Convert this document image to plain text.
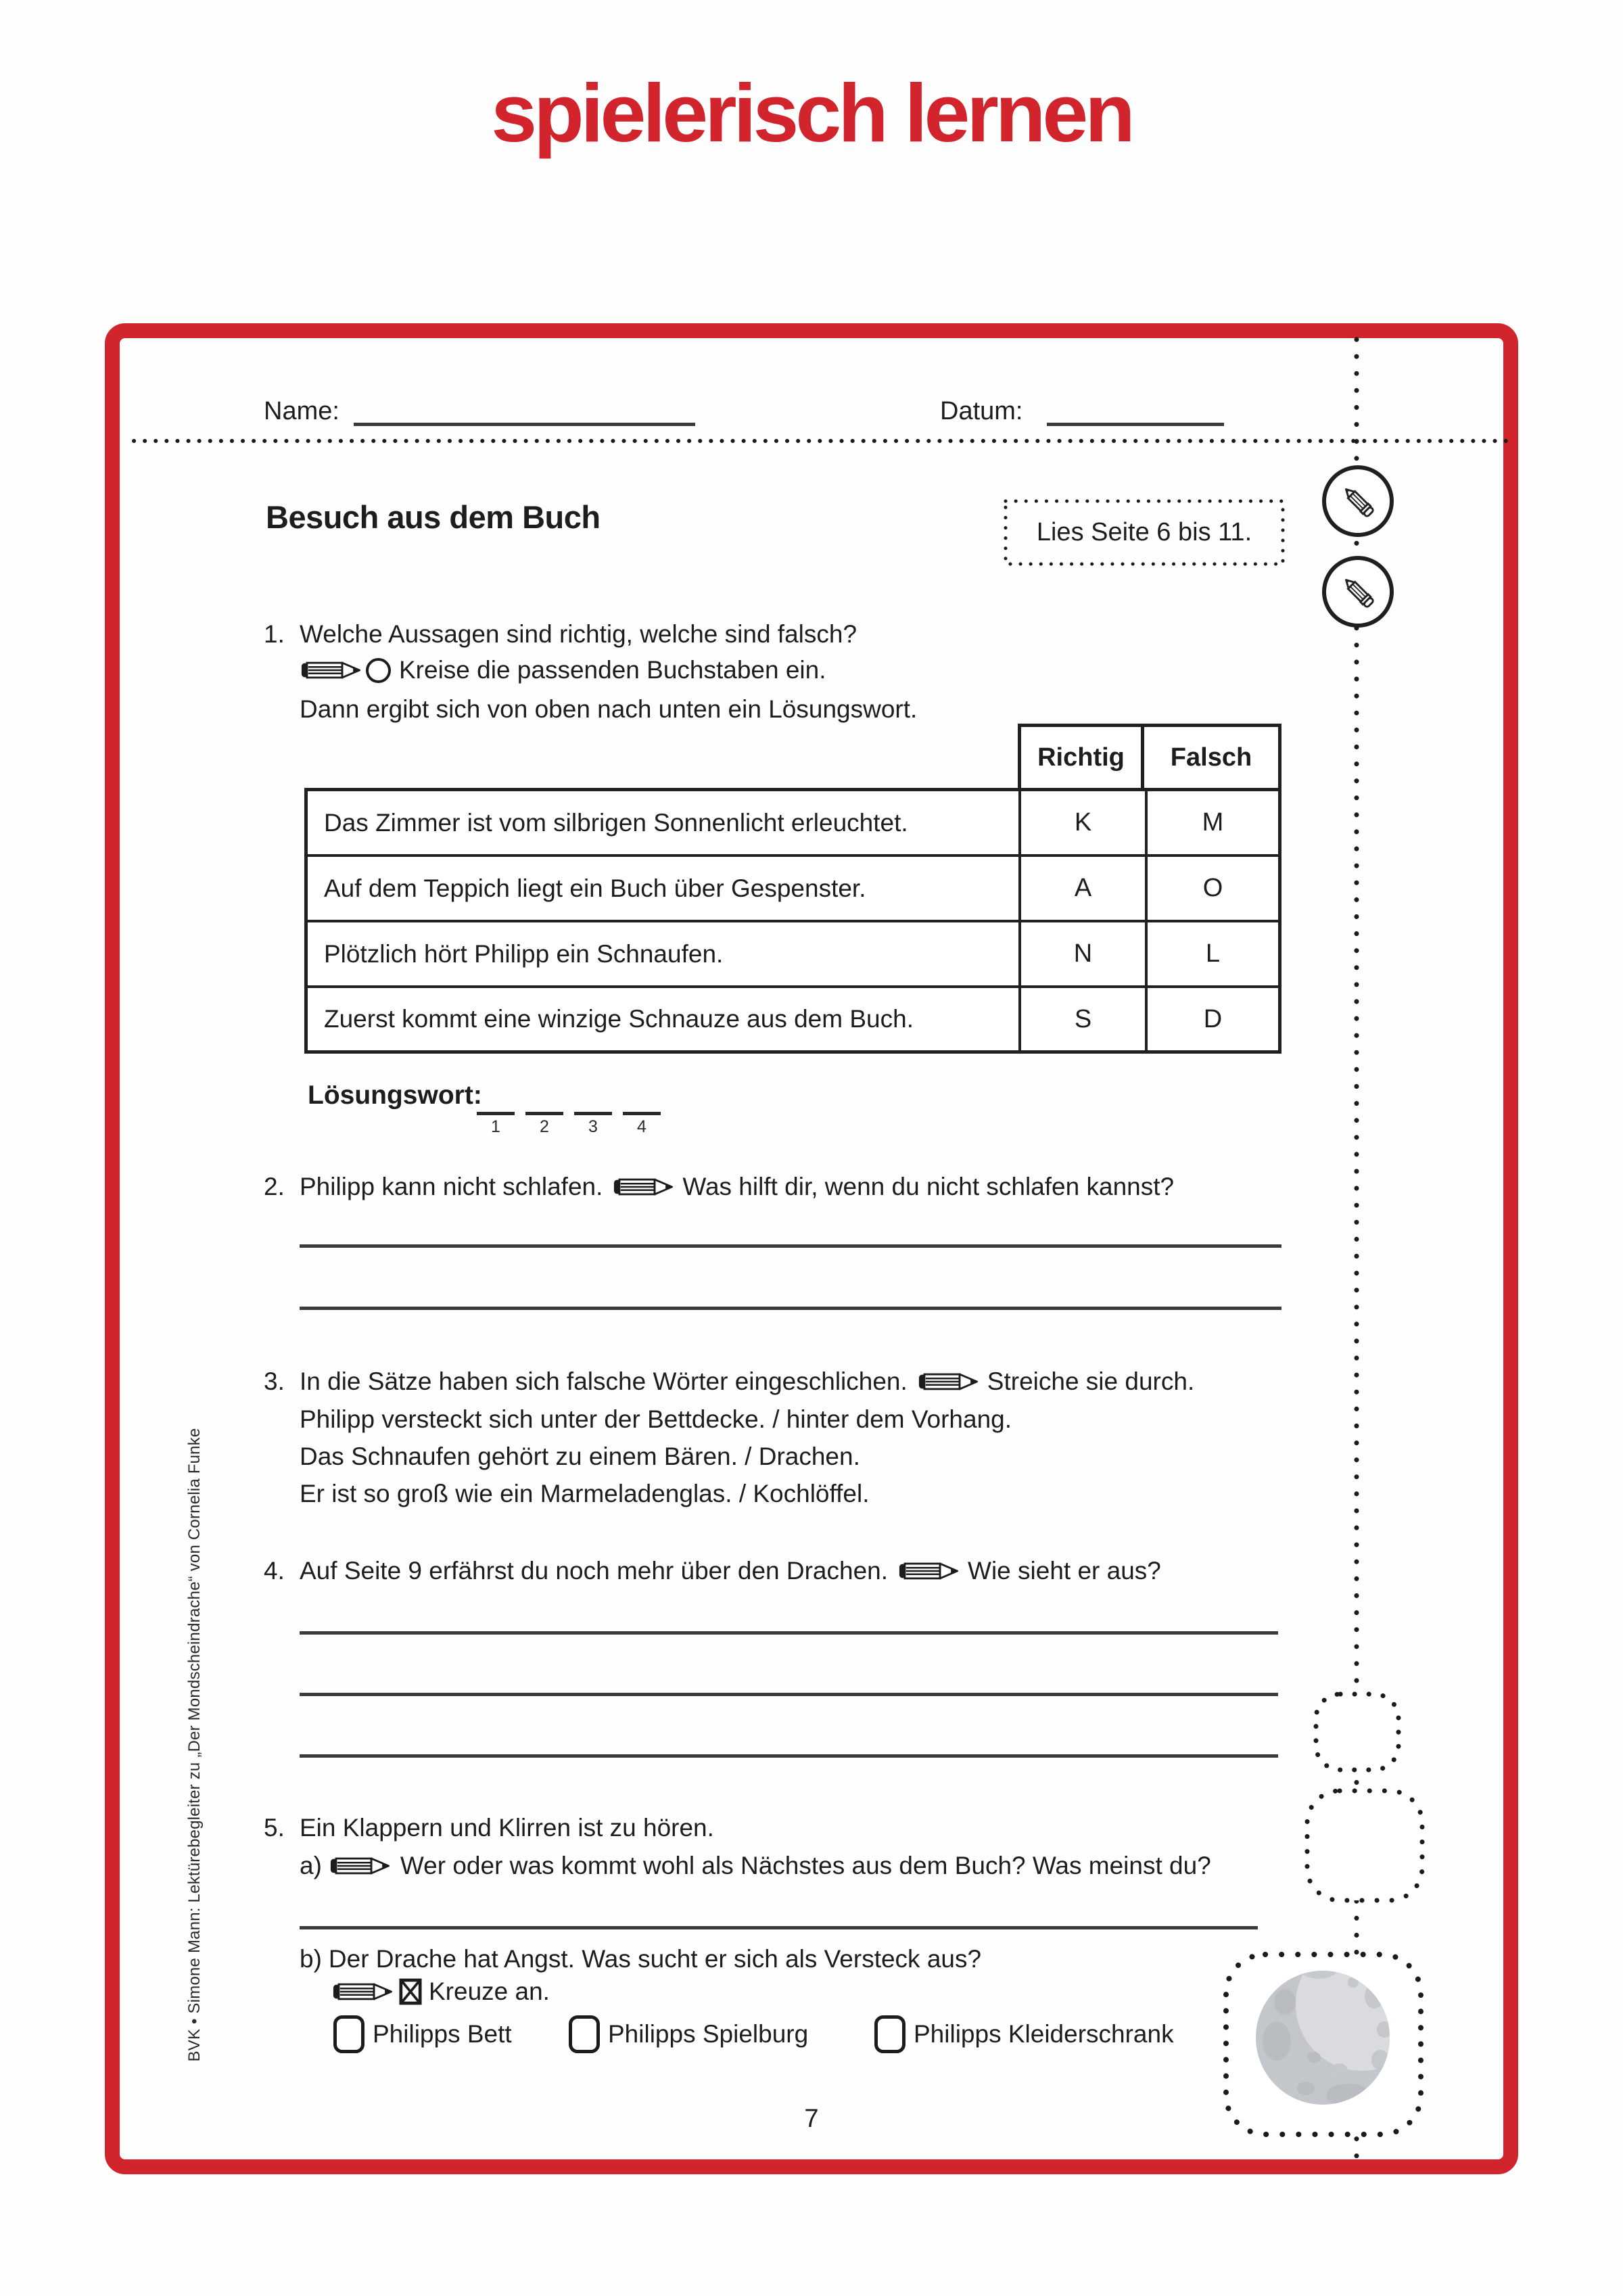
spielerisch lernen
Name:	Datum:
Besuch aus dem Buch	Lies Seite 6 bis 11.
1. Welche Aussagen sind richtig, welche sind falsch?
Kreise die passenden Buchstaben ein.
Dann ergibt sich von oben nach unten ein Lösungswort.
Richtig	Falsch
Das Zimmer ist vom silbrigen Sonnenlicht erleuchtet.	K	M
Auf dem Teppich liegt ein Buch über Gespenster.	A	O
Plötzlich hört Philipp ein Schnaufen.	N	L
Zuerst kommt eine winzige Schnauze aus dem Buch.	S	D
Lösungswort:
1	2	3	4
2. Philipp kann nicht schlafen.	Was hilft dir, wenn du nicht schlafen kannst?
3. In die Sätze haben sich falsche Wörter eingeschlichen.	Streiche sie durch.
Philipp versteckt sich unter der Bettdecke. / hinter dem Vorhang.
Das Schnaufen gehört zu einem Bären. / Drachen.
Er ist so groß wie ein Marmeladenglas. / Kochlöffel.
4. Auf Seite 9 erfährst du noch mehr über den Drachen.	Wie sieht er aus?
5. Ein Klappern und Klirren ist zu hören.
a)	Wer oder was kommt wohl als Nächstes aus dem Buch? Was meinst du?
b) Der Drache hat Angst. Was sucht er sich als Versteck aus?
Kreuze an.
Philipps Bett	Philipps Spielburg	Philipps Kleiderschrank
7
BVK • Simone Mann: Lektürebegleiter zu „Der Mondscheindrache“ von Cornelia Funke
